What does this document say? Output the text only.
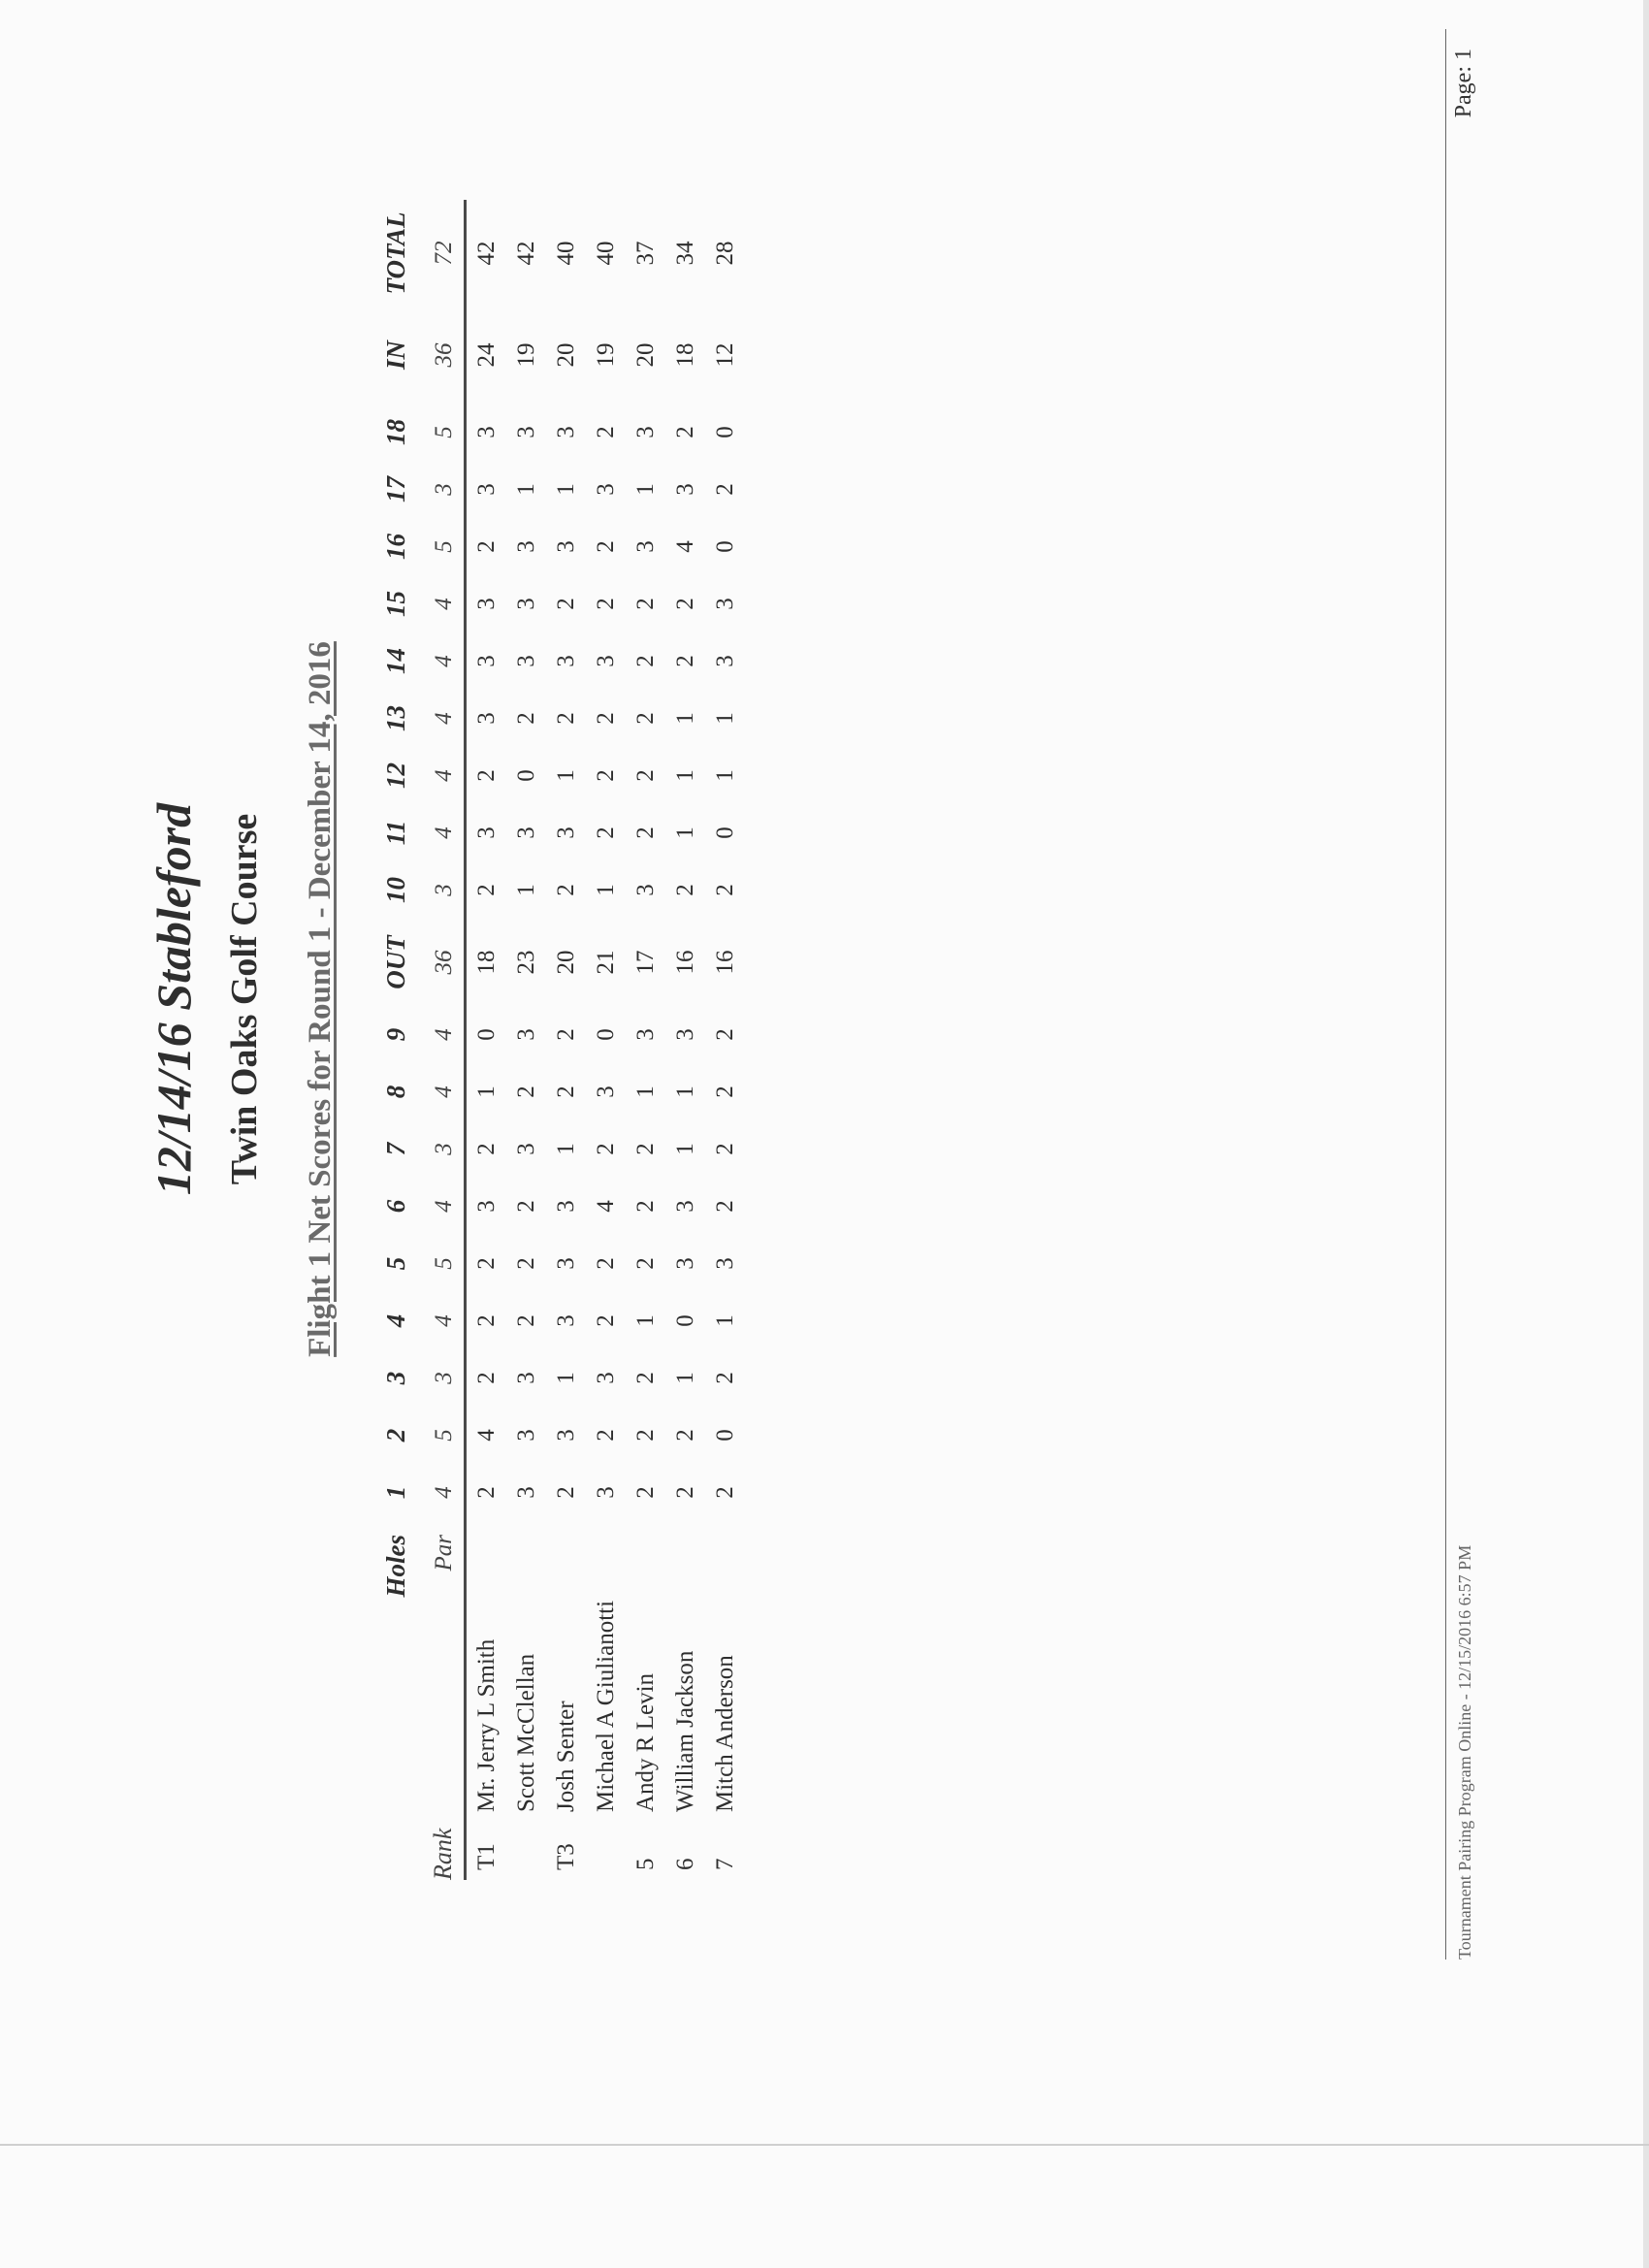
12/14/16 Stableford Twin Oaks Golf Course Flight 1 Net Scores for Round 1 - December 14, 2016
		Holes	1	2	3	4	5	6	7	8	9	OUT	10	11	12	13	14	15	16	17	18	IN	TOTAL
Rank		Par	4	5	3	4	5	4	3	4	4	36	3	4	4	4	4	4	5	3	5	36	72
T1	Mr. Jerry L Smith		2	4	2	2	2	3	2	1	0	18	2	3	2	3	3	3	2	3	3	24	42
	Scott McClellan		3	3	3	2	2	2	3	2	3	23	1	3	0	2	3	3	3	1	3	19	42
T3	Josh Senter		2	3	1	3	3	3	1	2	2	20	2	3	1	2	3	2	3	1	3	20	40
	Michael A Giulianotti		3	2	3	2	2	4	2	3	0	21	1	2	2	2	3	2	2	3	2	19	40
5	Andy R Levin		2	2	2	1	2	2	2	1	3	17	3	2	2	2	2	2	3	1	3	20	37
6	William Jackson		2	2	1	0	3	3	1	1	3	16	2	1	1	1	2	2	4	3	2	18	34
7	Mitch Anderson		2	0	2	1	3	2	2	2	2	16	2	0	1	1	3	3	0	2	0	12	28

Tournament Pairing Program Online - 12/15/2016 6:57 PM

Page: 1
